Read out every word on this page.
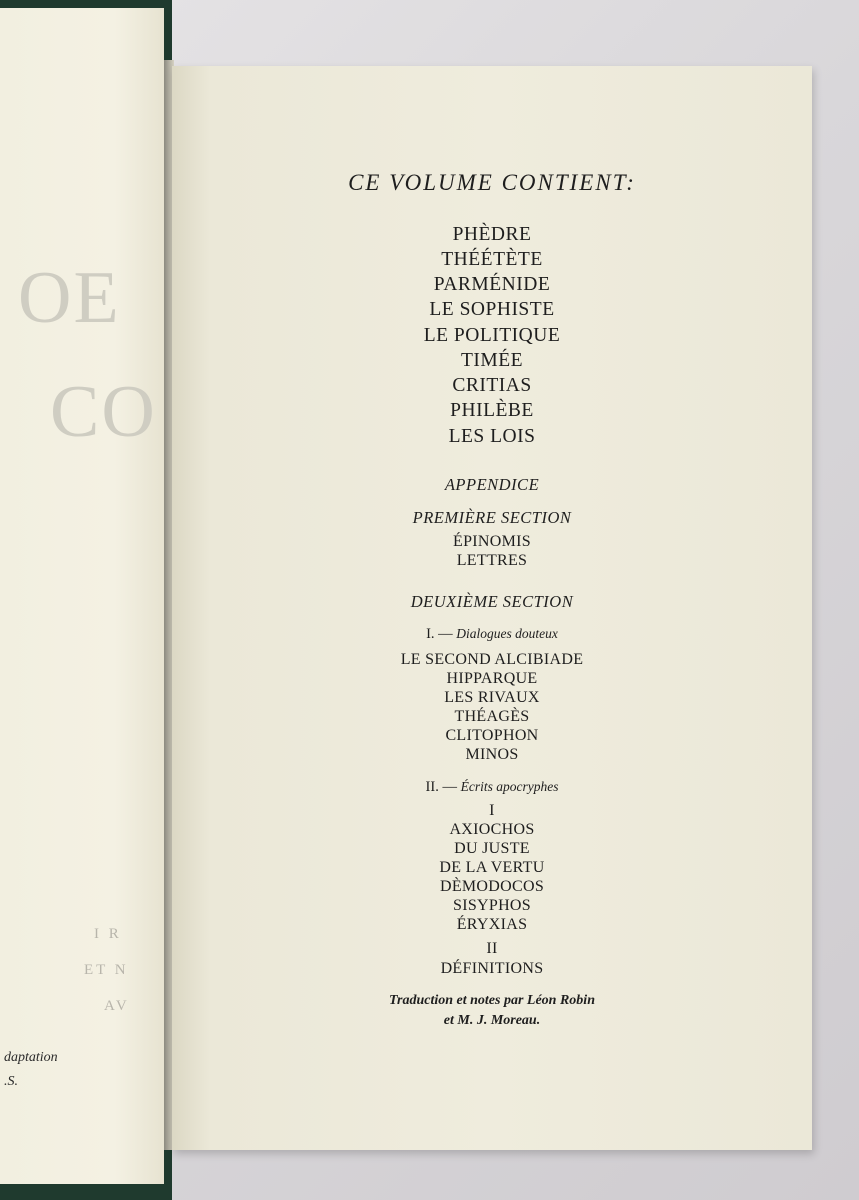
OE
CO
I R
ET N
AV
daptation
.S.
CE VOLUME CONTIENT:
PHÈDRE
THÉÉTÈTE
PARMÉNIDE
LE SOPHISTE
LE POLITIQUE
TIMÉE
CRITIAS
PHILÈBE
LES LOIS
APPENDICE
PREMIÈRE SECTION
ÉPINOMIS
LETTRES
DEUXIÈME SECTION
I. — Dialogues douteux
LE SECOND ALCIBIADE
HIPPARQUE
LES RIVAUX
THÉAGÈS
CLITOPHON
MINOS
II. — Écrits apocryphes
I
AXIOCHOS
DU JUSTE
DE LA VERTU
DÈMODOCOS
SISYPHOS
ÉRYXIAS
II
DÉFINITIONS
Traduction et notes par Léon Robin
et M. J. Moreau.
